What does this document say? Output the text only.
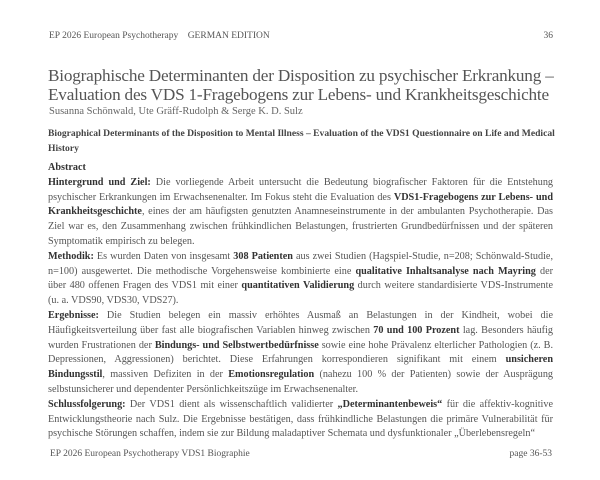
EP 2026 European Psychotherapy    GERMAN EDITION	36
Biographische Determinanten der Disposition zu psychischer Erkrankung –
Evaluation des VDS 1-Fragebogens zur Lebens- und Krankheitsgeschichte
Susanna Schönwald, Ute Gräff-Rudolph & Serge K. D. Sulz
Biographical Determinants of the Disposition to Mental Illness – Evaluation of the VDS1 Questionnaire on Life and Medical History
Abstract

Hintergrund und Ziel: Die vorliegende Arbeit untersucht die Bedeutung biografischer Faktoren für die Entstehung psychischer Erkrankungen im Erwachsenenalter. Im Fokus steht die Evaluation des VDS1-Fragebogens zur Lebens- und Krankheitsgeschichte, eines der am häufigsten genutzten Anamneseinstrumente in der ambulanten Psychotherapie. Das Ziel war es, den Zusammenhang zwischen frühkindlichen Belastungen, frustrierten Grundbedürfnissen und der späteren Symptomatik empirisch zu belegen.

Methodik: Es wurden Daten von insgesamt 308 Patienten aus zwei Studien (Hagspiel-Studie, n=208; Schönwald-Studie, n=100) ausgewertet. Die methodische Vorgehensweise kombinierte eine qualitative Inhaltsanalyse nach Mayring der über 480 offenen Fragen des VDS1 mit einer quantitativen Validierung durch weitere standardisierte VDS-Instrumente (u. a. VDS90, VDS30, VDS27).

Ergebnisse: Die Studien belegen ein massiv erhöhtes Ausmaß an Belastungen in der Kindheit, wobei die Häufigkeitsverteilung über fast alle biografischen Variablen hinweg zwischen 70 und 100 Prozent lag. Besonders häufig wurden Frustrationen der Bindungs- und Selbstwertbedürfnisse sowie eine hohe Prävalenz elterlicher Pathologien (z. B. Depressionen, Aggressionen) berichtet. Diese Erfahrungen korrespondieren signifikant mit einem unsicheren Bindungsstil, massiven Defiziten in der Emotionsregulation (nahezu 100 % der Patienten) sowie der Ausprägung selbstunsicherer und dependenter Persönlichkeitszüge im Erwachsenenalter.

Schlussfolgerung: Der VDS1 dient als wissenschaftlich validierter „Determinantenbeweis“ für die affektiv-kognitive Entwicklungstheorie nach Sulz. Die Ergebnisse bestätigen, dass frühkindliche Belastungen die primäre Vulnerabilität für psychische Störungen schaffen, indem sie zur Bildung maladaptiver Schemata und dysfunktionaler „Überlebensregeln“

EP 2026 European Psychotherapy VDS1 Biographie	page 36-53
